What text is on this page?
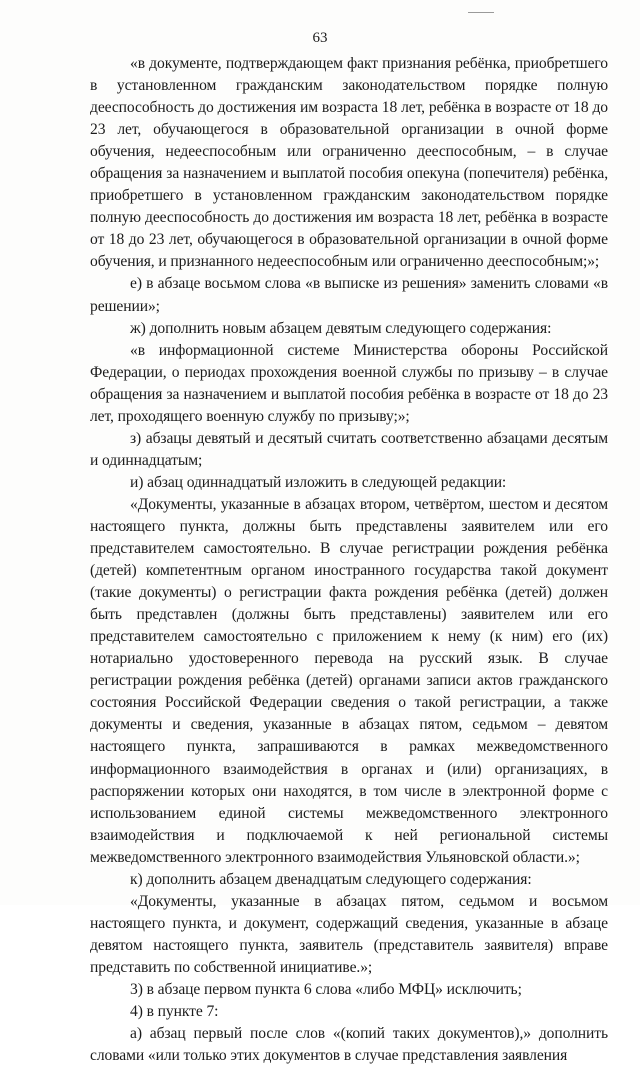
63

«в документе, подтверждающем факт признания ребёнка, приобретшего в установленном гражданским законодательством порядке полную дееспособность до достижения им возраста 18 лет, ребёнка в возрасте от 18 до 23 лет, обучающегося в образовательной организации в очной форме обучения, недееспособным или ограниченно дееспособным, – в случае обращения за назначением и выплатой пособия опекуна (попечителя) ребёнка, приобретшего в установленном гражданским законодательством порядке полную дееспособность до достижения им возраста 18 лет, ребёнка в возрасте от 18 до 23 лет, обучающегося в образовательной организации в очной форме обучения, и признанного недееспособным или ограниченно дееспособным;»;

е) в абзаце восьмом слова «в выписке из решения» заменить словами «в решении»;

ж) дополнить новым абзацем девятым следующего содержания:

«в информационной системе Министерства обороны Российской Федерации, о периодах прохождения военной службы по призыву – в случае обращения за назначением и выплатой пособия ребёнка в возрасте от 18 до 23 лет, проходящего военную службу по призыву;»;

з) абзацы девятый и десятый считать соответственно абзацами десятым и одиннадцатым;

и) абзац одиннадцатый изложить в следующей редакции:

«Документы, указанные в абзацах втором, четвёртом, шестом и десятом настоящего пункта, должны быть представлены заявителем или его представителем самостоятельно. В случае регистрации рождения ребёнка (детей) компетентным органом иностранного государства такой документ (такие документы) о регистрации факта рождения ребёнка (детей) должен быть представлен (должны быть представлены) заявителем или его представителем самостоятельно с приложением к нему (к ним) его (их) нотариально удостоверенного перевода на русский язык. В случае регистрации рождения ребёнка (детей) органами записи актов гражданского состояния Российской Федерации сведения о такой регистрации, а также документы и сведения, указанные в абзацах пятом, седьмом – девятом настоящего пункта, запрашиваются в рамках межведомственного информационного взаимодействия в органах и (или) организациях, в распоряжении которых они находятся, в том числе в электронной форме с использованием единой системы межведомственного электронного взаимодействия и подключаемой к ней региональной системы межведомственного электронного взаимодействия Ульяновской области.»;

к) дополнить абзацем двенадцатым следующего содержания:

«Документы, указанные в абзацах пятом, седьмом и восьмом настоящего пункта, и документ, содержащий сведения, указанные в абзаце девятом настоящего пункта, заявитель (представитель заявителя) вправе представить по собственной инициативе.»;

3) в абзаце первом пункта 6 слова «либо МФЦ» исключить;

4) в пункте 7:

а) абзац первый после слов «(копий таких документов),» дополнить словами «или только этих документов в случае представления заявления
